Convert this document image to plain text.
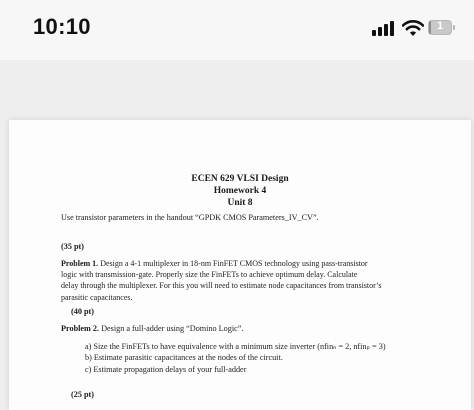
10:10	1
ECEN 629 VLSI Design
Homework 4
Unit 8
Use transistor parameters in the handout “GPDK CMOS Parameters_IV_CV”.
(35 pt)
Problem 1. Design a 4-1 multiplexer in 18-nm FinFET CMOS technology using pass-transistor
logic with transmission-gate. Properly size the FinFETs to achieve optimum delay. Calculate
delay through the multiplexer. For this you will need to estimate node capacitances from transistor’s
parasitic capacitances.
(40 pt)
Problem 2. Design a full-adder using “Domino Logic”.
a) Size the FinFETs to have equivalence with a minimum size inverter (nfinₙ = 2, nfinₚ = 3)
b) Estimate parasitic capacitances at the nodes of the circuit.
c) Estimate propagation delays of your full-adder
(25 pt)
